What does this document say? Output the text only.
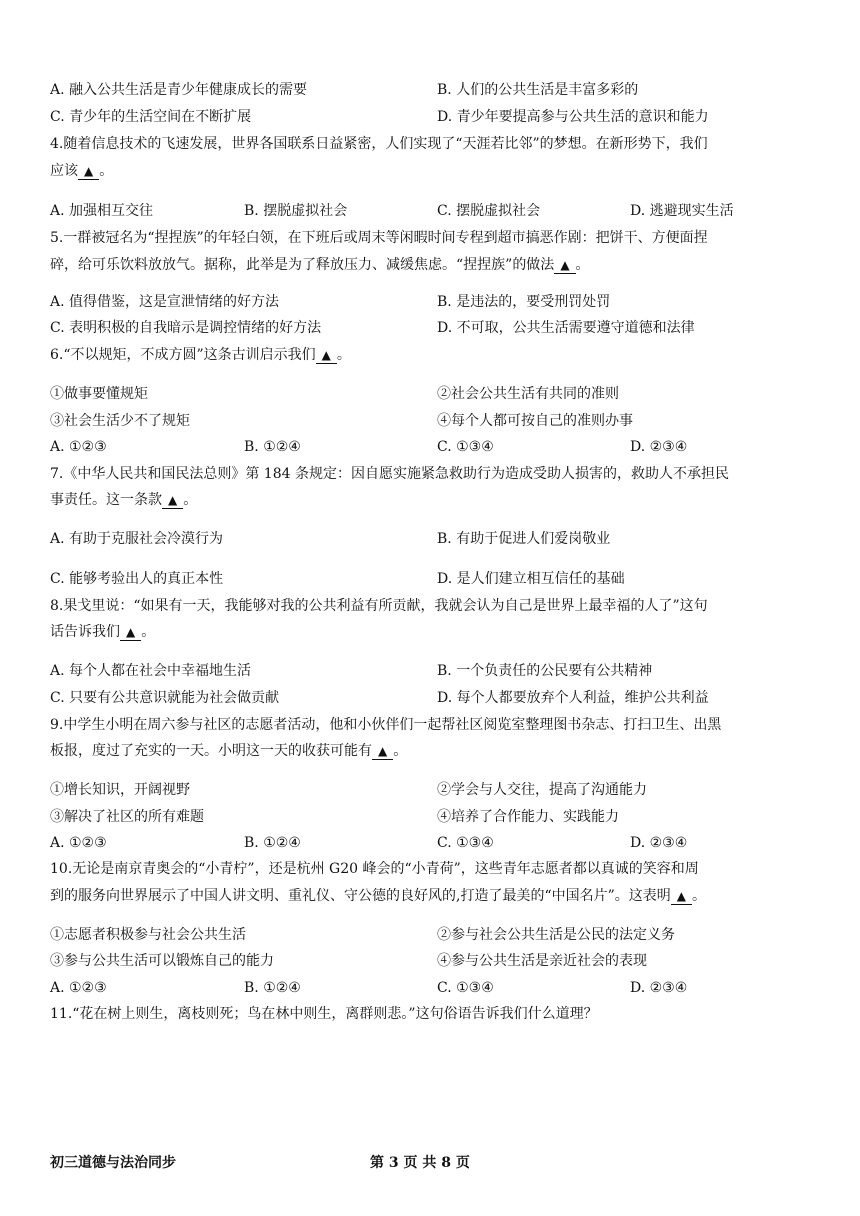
A. 融入公共生活是青少年健康成长的需要	B. 人们的公共生活是丰富多彩的
C. 青少年的生活空间在不断扩展	D. 青少年要提高参与公共生活的意识和能力
4.随着信息技术的飞速发展，世界各国联系日益紧密，人们实现了“天涯若比邻”的梦想。在新形势下，我们
应该 ▲ 。
A. 加强相互交往	B. 摆脱虚拟社会	C. 摆脱虚拟社会	D. 逃避现实生活
5.一群被冠名为“捏捏族”的年轻白领，在下班后或周末等闲暇时间专程到超市搞恶作剧：把饼干、方便面捏
碎，给可乐饮料放放气。据称，此举是为了释放压力、减缓焦虑。“捏捏族”的做法 ▲ 。
A. 值得借鉴，这是宣泄情绪的好方法	B. 是违法的，要受刑罚处罚
C. 表明积极的自我暗示是调控情绪的好方法	D. 不可取，公共生活需要遵守道德和法律
6.“不以规矩，不成方圆”这条古训启示我们 ▲ 。
①做事要懂规矩	②社会公共生活有共同的准则
③社会生活少不了规矩	④每个人都可按自己的准则办事
A. ①②③	B. ①②④	C. ①③④	D. ②③④
7.《中华人民共和国民法总则》第 184 条规定：因自愿实施紧急救助行为造成受助人损害的，救助人不承担民
事责任。这一条款 ▲ 。
A. 有助于克服社会冷漠行为	B. 有助于促进人们爱岗敬业
C. 能够考验出人的真正本性	D. 是人们建立相互信任的基础
8.果戈里说：“如果有一天，我能够对我的公共利益有所贡献，我就会认为自己是世界上最幸福的人了”这句
话告诉我们 ▲ 。
A. 每个人都在社会中幸福地生活	B. 一个负责任的公民要有公共精神
C. 只要有公共意识就能为社会做贡献	D. 每个人都要放弃个人利益，维护公共利益
9.中学生小明在周六参与社区的志愿者活动，他和小伙伴们一起帮社区阅览室整理图书杂志、打扫卫生、出黑
板报，度过了充实的一天。小明这一天的收获可能有 ▲ 。
①增长知识，开阔视野	②学会与人交往，提高了沟通能力
③解决了社区的所有难题	④培养了合作能力、实践能力
A. ①②③	B. ①②④	C. ①③④	D. ②③④
10.无论是南京青奥会的“小青柠”，还是杭州 G20 峰会的“小青荷”，这些青年志愿者都以真诚的笑容和周
到的服务向世界展示了中国人讲文明、重礼仪、守公德的良好风的,打造了最美的“中国名片”。这表明 ▲ 。
①志愿者积极参与社会公共生活	②参与社会公共生活是公民的法定义务
③参与公共生活可以锻炼自己的能力	④参与公共生活是亲近社会的表现
A. ①②③	B. ①②④	C. ①③④	D. ②③④
11.“花在树上则生，离枝则死；鸟在林中则生，离群则悲。”这句俗语告诉我们什么道理？
初三道德与法治同步	第 3 页 共 8 页
